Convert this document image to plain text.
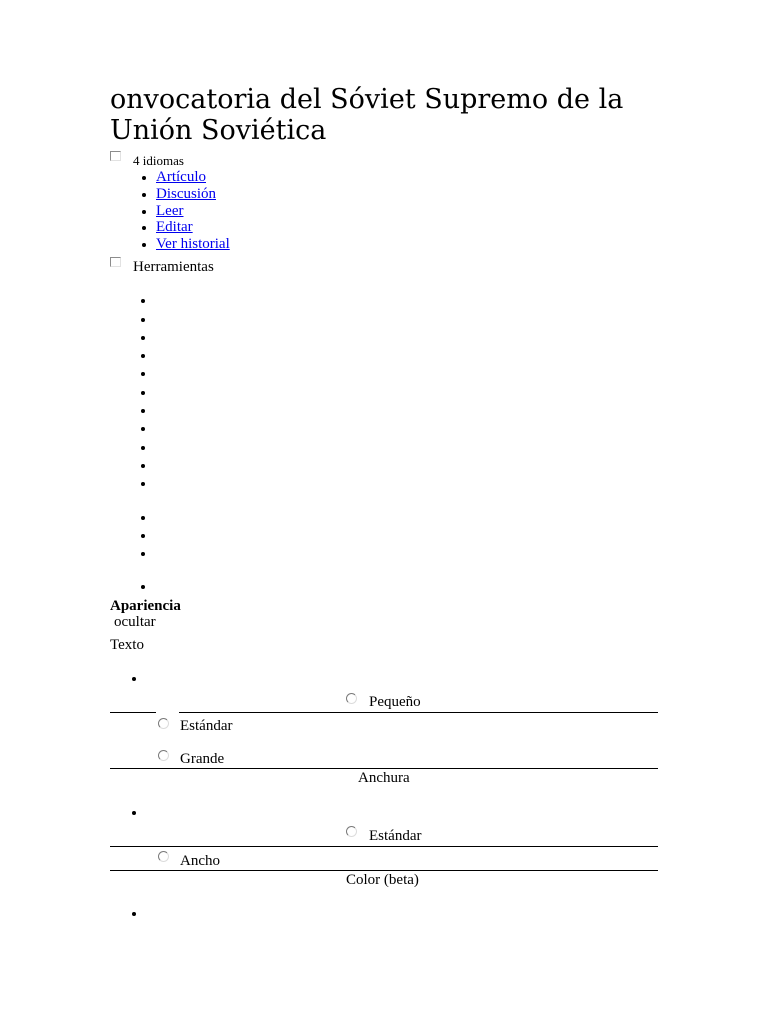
onvocatoria del Sóviet Supremo de la Unión Soviética
4 idiomas
Artículo
Discusión
Leer
Editar
Ver historial
Herramientas
Apariencia
ocultar
Texto
Pequeño
Estándar
Grande
Anchura
Estándar
Ancho
Color (beta)
